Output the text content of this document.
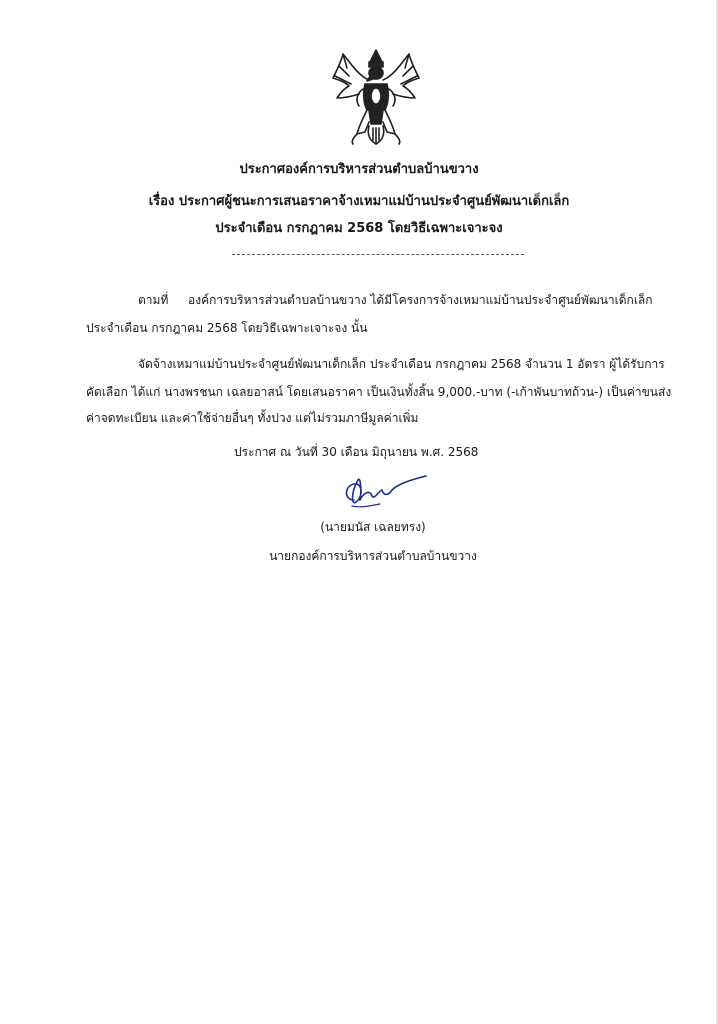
ประกาศองค์การบริหารส่วนตำบลบ้านขวาง
เรื่อง ประกาศผู้ชนะการเสนอราคาจ้างเหมาแม่บ้านประจำศูนย์พัฒนาเด็กเล็ก
ประจำเดือน กรกฎาคม 2568 โดยวิธีเฉพาะเจาะจง
ตามที่ องค์การบริหารส่วนตำบลบ้านขวาง ได้มีโครงการจ้างเหมาแม่บ้านประจำศูนย์พัฒนาเด็กเล็ก
ประจำเดือน กรกฎาคม 2568 โดยวิธีเฉพาะเจาะจง นั้น
จัดจ้างเหมาแม่บ้านประจำศูนย์พัฒนาเด็กเล็ก ประจำเดือน กรกฎาคม 2568 จำนวน 1 อัตรา ผู้ได้รับการ
คัดเลือก ได้แก่ นางพรชนก เฉลยอาสน์ โดยเสนอราคา เป็นเงินทั้งสิ้น 9,000.-บาท (-เก้าพันบาทถ้วน-) เป็นค่าขนส่ง
ค่าจดทะเบียน และค่าใช้จ่ายอื่นๆ ทั้งปวง แต่ไม่รวมภาษีมูลค่าเพิ่ม
ประกาศ ณ วันที่ 30 เดือน มิถุนายน พ.ศ. 2568
(นายมนัส เฉลยทรง)
นายกองค์การบริหารส่วนตำบลบ้านขวาง
